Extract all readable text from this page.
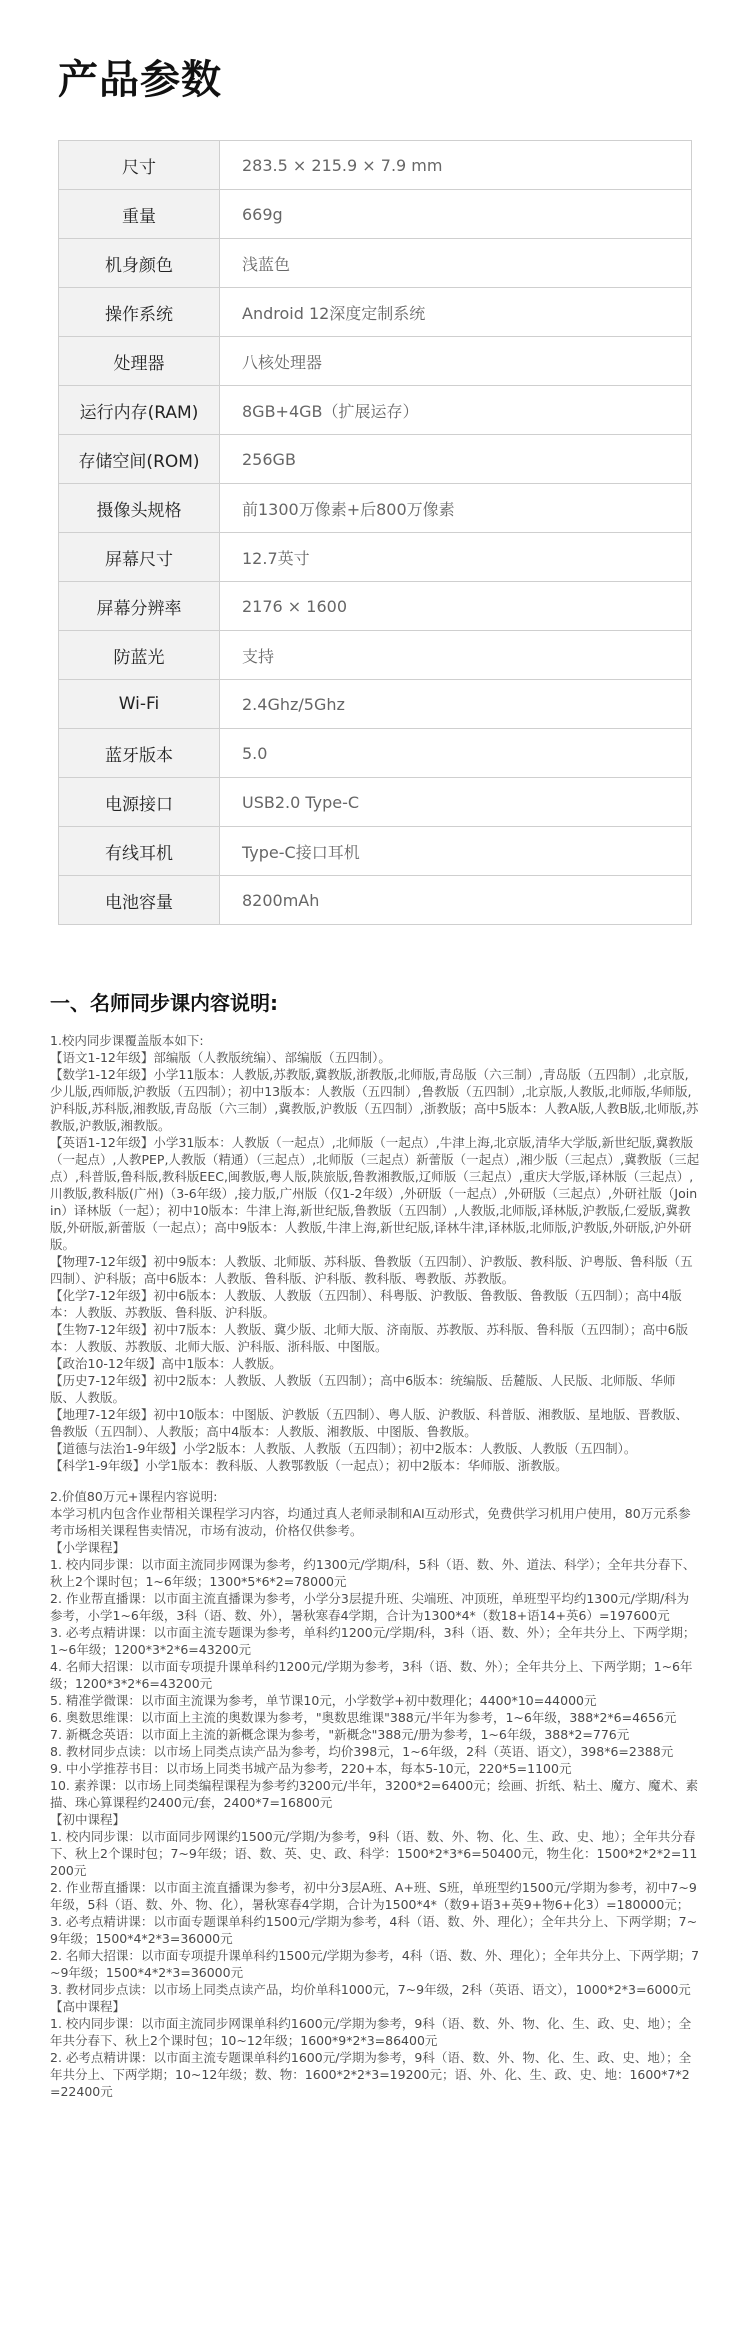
产品参数
尺寸	283.5 × 215.9 × 7.9 mm
重量	669g
机身颜色	浅蓝色
操作系统	Android 12深度定制系统
处理器	八核处理器
运行内存(RAM)	8GB+4GB（扩展运存）
存储空间(ROM)	256GB
摄像头规格	前1300万像素+后800万像素
屏幕尺寸	12.7英寸
屏幕分辨率	2176 × 1600
防蓝光	支持
Wi-Fi	2.4Ghz/5Ghz
蓝牙版本	5.0
电源接口	USB2.0 Type-C
有线耳机	Type-C接口耳机
电池容量	8200mAh
一、名师同步课内容说明:

1.校内同步课覆盖版本如下:

【语文1-12年级】部编版（人教版统编）、部编版（五四制）。

【数学1-12年级】小学11版本：人教版,苏教版,冀教版,浙教版,北师版,青岛版（六三制）,青岛版（五四制）,北京版,少儿版,西师版,沪教版（五四制）；初中13版本：人教版（五四制）,鲁教版（五四制）,北京版,人教版,北师版,华师版,沪科版,苏科版,湘教版,青岛版（六三制）,冀教版,沪教版（五四制）,浙教版；高中5版本：人教A版,人教B版,北师版,苏教版,沪教版,湘教版。

【英语1-12年级】小学31版本：人教版（一起点）,北师版（一起点）,牛津上海,北京版,清华大学版,新世纪版,冀教版（一起点）,人教PEP,人教版（精通）（三起点）,北师版（三起点）新蕾版（一起点）,湘少版（三起点）,冀教版（三起点）,科普版,鲁科版,教科版EEC,闽教版,粤人版,陕旅版,鲁教湘教版,辽师版（三起点）,重庆大学版,译林版（三起点）,川教版,教科版(广州)（3-6年级）,接力版,广州版（仅1-2年级）,外研版（一起点）,外研版（三起点）,外研社版（Join in）译林版（一起）；初中10版本：牛津上海,新世纪版,鲁教版（五四制）,人教版,北师版,译林版,沪教版,仁爱版,冀教版,外研版,新蕾版（一起点）；高中9版本：人教版,牛津上海,新世纪版,译林牛津,译林版,北师版,沪教版,外研版,沪外研版。

【物理7-12年级】初中9版本：人教版、北师版、苏科版、鲁教版（五四制）、沪教版、教科版、沪粤版、鲁科版（五四制）、沪科版；高中6版本：人教版、鲁科版、沪科版、教科版、粤教版、苏教版。

【化学7-12年级】初中6版本：人教版、人教版（五四制）、科粤版、沪教版、鲁教版、鲁教版（五四制）；高中4版本：人教版、苏教版、鲁科版、沪科版。

【生物7-12年级】初中7版本：人教版、冀少版、北师大版、济南版、苏教版、苏科版、鲁科版（五四制）；高中6版本：人教版、苏教版、北师大版、沪科版、浙科版、中图版。

【政治10-12年级】高中1版本：人教版。

【历史7-12年级】初中2版本：人教版、人教版（五四制）；高中6版本：统编版、岳麓版、人民版、北师版、华师版、人教版。

【地理7-12年级】初中10版本：中图版、沪教版（五四制）、粤人版、沪教版、科普版、湘教版、星地版、晋教版、鲁教版（五四制）、人教版；高中4版本：人教版、湘教版、中图版、鲁教版。

【道德与法治1-9年级】小学2版本：人教版、人教版（五四制）；初中2版本：人教版、人教版（五四制）。

【科学1-9年级】小学1版本：教科版、人教鄂教版（一起点）；初中2版本：华师版、浙教版。

2.价值80万元+课程内容说明:

本学习机内包含作业帮相关课程学习内容，均通过真人老师录制和AI互动形式，免费供学习机用户使用，80万元系参考市场相关课程售卖情况，市场有波动，价格仅供参考。

【小学课程】

1. 校内同步课：以市面主流同步网课为参考，约1300元/学期/科，5科（语、数、外、道法、科学）；全年共分春下、秋上2个课时包；1~6年级；1300*5*6*2=78000元

2. 作业帮直播课：以市面主流直播课为参考，小学分3层提升班、尖端班、冲顶班，单班型平均约1300元/学期/科为参考，小学1~6年级，3科（语、数、外），暑秋寒春4学期，合计为1300*4*（数18+语14+英6）=197600元

3. 必考点精讲课：以市面主流专题课为参考，单科约1200元/学期/科，3科（语、数、外）；全年共分上、下两学期；1~6年级；1200*3*2*6=43200元

4. 名师大招课：以市面专项提升课单科约1200元/学期为参考，3科（语、数、外）；全年共分上、下两学期；1~6年级；1200*3*2*6=43200元

5. 精准学微课：以市面主流课为参考，单节课10元，小学数学+初中数理化；4400*10=44000元

6. 奥数思维课：以市面上主流的奥数课为参考，"奥数思维课"388元/半年为参考，1~6年级，388*2*6=4656元

7. 新概念英语：以市面上主流的新概念课为参考，"新概念"388元/册为参考，1~6年级，388*2=776元

8. 教材同步点读：以市场上同类点读产品为参考，均价398元，1~6年级，2科（英语、语文），398*6=2388元

9. 中小学推荐书目：以市场上同类书城产品为参考，220+本，每本5-10元，220*5=1100元

10. 素养课：以市场上同类编程课程为参考约3200元/半年，3200*2=6400元；绘画、折纸、粘土、魔方、魔术、素描、珠心算课程约2400元/套，2400*7=16800元

【初中课程】

1. 校内同步课：以市面同步网课约1500元/学期/为参考，9科（语、数、外、物、化、生、政、史、地）；全年共分春下、秋上2个课时包；7~9年级；语、数、英、史、政、科学：1500*2*3*6=50400元，物生化：1500*2*2*2=11200元

2. 作业帮直播课：以市面主流直播课为参考，初中分3层A班、A+班、S班，单班型约1500元/学期为参考，初中7~9年级，5科（语、数、外、物、化），暑秋寒春4学期，合计为1500*4*（数9+语3+英9+物6+化3）=180000元；

3. 必考点精讲课：以市面专题课单科约1500元/学期为参考，4科（语、数、外、理化）；全年共分上、下两学期；7~9年级；1500*4*2*3=36000元

2. 名师大招课：以市面专项提升课单科约1500元/学期为参考，4科（语、数、外、理化）；全年共分上、下两学期；7~9年级；1500*4*2*3=36000元

3. 教材同步点读：以市场上同类点读产品，均价单科1000元，7~9年级，2科（英语、语文），1000*2*3=6000元

【高中课程】

1. 校内同步课：以市面主流同步网课单科约1600元/学期为参考，9科（语、数、外、物、化、生、政、史、地）；全年共分春下、秋上2个课时包；10~12年级；1600*9*2*3=86400元

2. 必考点精讲课：以市面主流专题课单科约1600元/学期为参考，9科（语、数、外、物、化、生、政、史、地）；全年共分上、下两学期；10~12年级；数、物：1600*2*2*3=19200元；语、外、化、生、政、史、地：1600*7*2=22400元
